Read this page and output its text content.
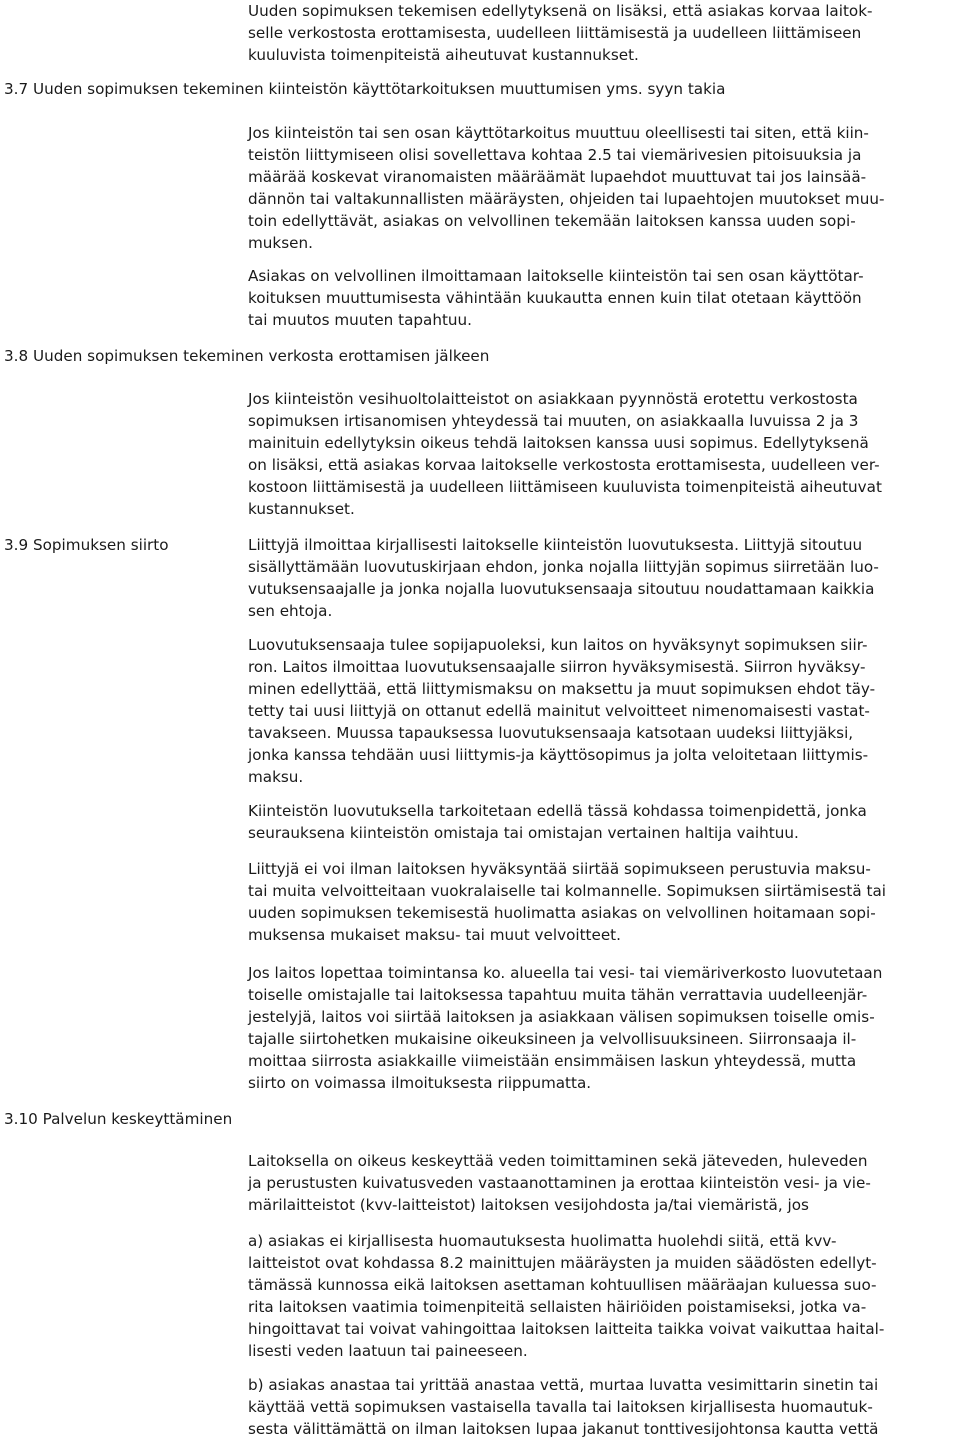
Uuden sopimuksen tekemisen edellytyksenä on lisäksi, että asiakas korvaa laitok-
selle verkostosta erottamisesta, uudelleen liittämisestä ja uudelleen liittämiseen
kuuluvista toimenpiteistä aiheutuvat kustannukset.
3.7 Uuden sopimuksen tekeminen kiinteistön käyttötarkoituksen muuttumisen yms. syyn takia
Jos kiinteistön tai sen osan käyttötarkoitus muuttuu oleellisesti tai siten, että kiin-
teistön liittymiseen olisi sovellettava kohtaa 2.5 tai viemärivesien pitoisuuksia ja
määrää koskevat viranomaisten määräämät lupaehdot muuttuvat tai jos lainsää-
dännön tai valtakunnallisten määräysten, ohjeiden tai lupaehtojen muutokset muu-
toin edellyttävät, asiakas on velvollinen tekemään laitoksen kanssa uuden sopi-
muksen.
Asiakas on velvollinen ilmoittamaan laitokselle kiinteistön tai sen osan käyttötar-
koituksen muuttumisesta vähintään kuukautta ennen kuin tilat otetaan käyttöön
tai muutos muuten tapahtuu.
3.8 Uuden sopimuksen tekeminen verkosta erottamisen jälkeen
Jos kiinteistön vesihuoltolaitteistot on asiakkaan pyynnöstä erotettu verkostosta
sopimuksen irtisanomisen yhteydessä tai muuten, on asiakkaalla luvuissa 2 ja 3
mainituin edellytyksin oikeus tehdä laitoksen kanssa uusi sopimus. Edellytyksenä
on lisäksi, että asiakas korvaa laitokselle verkostosta erottamisesta, uudelleen ver-
kostoon liittämisestä ja uudelleen liittämiseen kuuluvista toimenpiteistä aiheutuvat
kustannukset.
3.9 Sopimuksen siirto	Liittyjä ilmoittaa kirjallisesti laitokselle kiinteistön luovutuksesta. Liittyjä sitoutuu
sisällyttämään luovutuskirjaan ehdon, jonka nojalla liittyjän sopimus siirretään luo-
vutuksensaajalle ja jonka nojalla luovutuksensaaja sitoutuu noudattamaan kaikkia
sen ehtoja.
Luovutuksensaaja tulee sopijapuoleksi, kun laitos on hyväksynyt sopimuksen siir-
ron. Laitos ilmoittaa luovutuksensaajalle siirron hyväksymisestä. Siirron hyväksy-
minen edellyttää, että liittymismaksu on maksettu ja muut sopimuksen ehdot täy-
tetty tai uusi liittyjä on ottanut edellä mainitut velvoitteet nimenomaisesti vastat-
tavakseen. Muussa tapauksessa luovutuksensaaja katsotaan uudeksi liittyjäksi,
jonka kanssa tehdään uusi liittymis-ja käyttösopimus ja jolta veloitetaan liittymis-
maksu.
Kiinteistön luovutuksella tarkoitetaan edellä tässä kohdassa toimenpidettä, jonka
seurauksena kiinteistön omistaja tai omistajan vertainen haltija vaihtuu.
Liittyjä ei voi ilman laitoksen hyväksyntää siirtää sopimukseen perustuvia maksu-
tai muita velvoitteitaan vuokralaiselle tai kolmannelle. Sopimuksen siirtämisestä tai
uuden sopimuksen tekemisestä huolimatta asiakas on velvollinen hoitamaan sopi-
muksensa mukaiset maksu- tai muut velvoitteet.
Jos laitos lopettaa toimintansa ko. alueella tai vesi- tai viemäriverkosto luovutetaan
toiselle omistajalle tai laitoksessa tapahtuu muita tähän verrattavia uudelleenjär-
jestelyjä, laitos voi siirtää laitoksen ja asiakkaan välisen sopimuksen toiselle omis-
tajalle siirtohetken mukaisine oikeuksineen ja velvollisuuksineen. Siirronsaaja il-
moittaa siirrosta asiakkaille viimeistään ensimmäisen laskun yhteydessä, mutta
siirto on voimassa ilmoituksesta riippumatta.
3.10 Palvelun keskeyttäminen
Laitoksella on oikeus keskeyttää veden toimittaminen sekä jäteveden, huleveden
ja perustusten kuivatusveden vastaanottaminen ja erottaa kiinteistön vesi- ja vie-
märilaitteistot (kvv-laitteistot) laitoksen vesijohdosta ja/tai viemäristä, jos
a) asiakas ei kirjallisesta huomautuksesta huolimatta huolehdi siitä, että kvv-
laitteistot ovat kohdassa 8.2 mainittujen määräysten ja muiden säädösten edellyt-
tämässä kunnossa eikä laitoksen asettaman kohtuullisen määräajan kuluessa suo-
rita laitoksen vaatimia toimenpiteitä sellaisten häiriöiden poistamiseksi, jotka va-
hingoittavat tai voivat vahingoittaa laitoksen laitteita taikka voivat vaikuttaa haital-
lisesti veden laatuun tai paineeseen.
b) asiakas anastaa tai yrittää anastaa vettä, murtaa luvatta vesimittarin sinetin tai
käyttää vettä sopimuksen vastaisella tavalla tai laitoksen kirjallisesta huomautuk-
sesta välittämättä on ilman laitoksen lupaa jakanut tonttivesijohtonsa kautta vettä
